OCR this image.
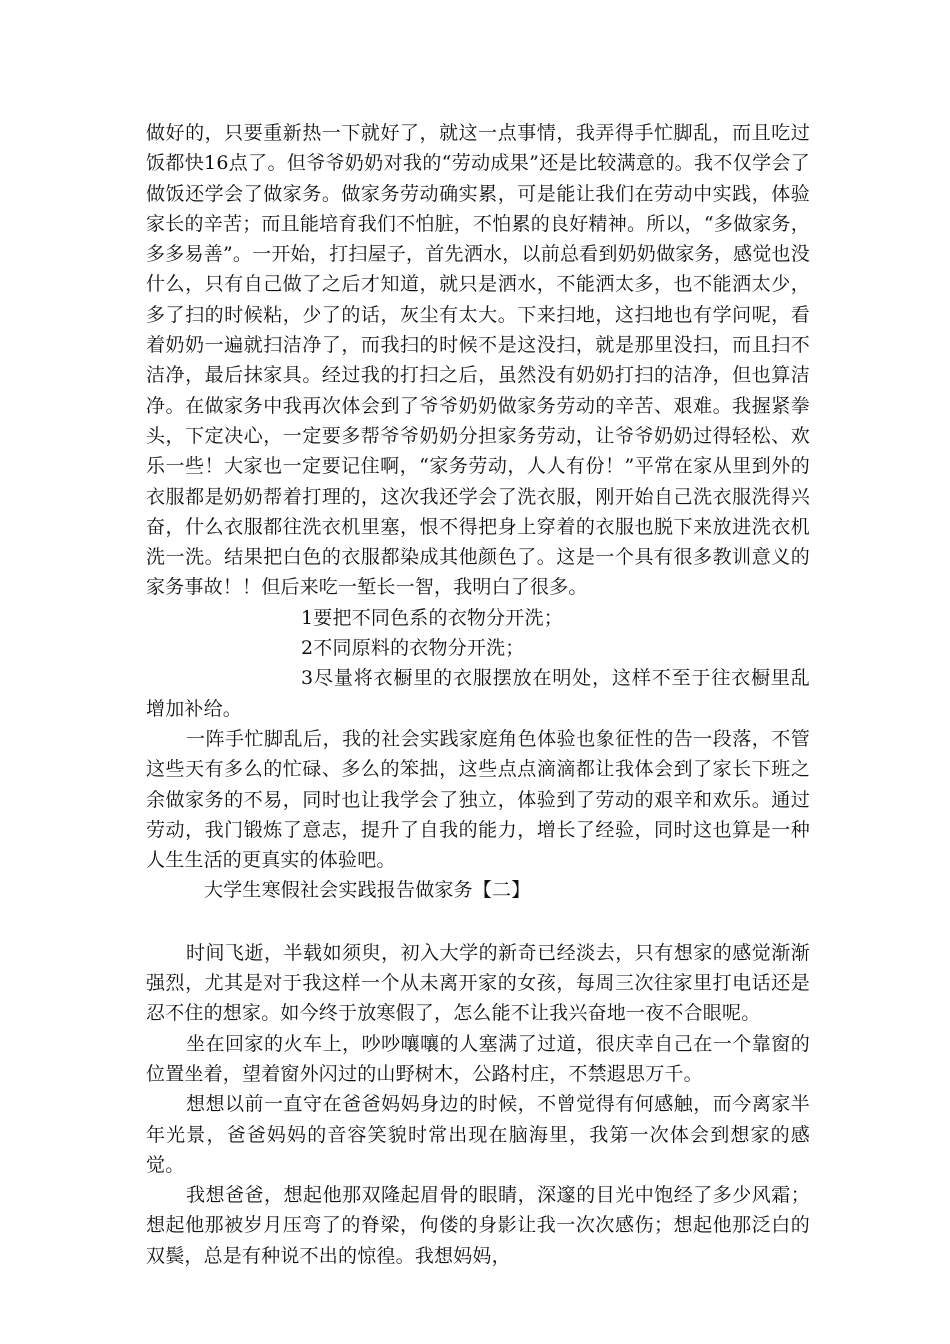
做好的，只要重新热一下就好了，就这一点事情，我弄得手忙脚乱，而且吃过饭都快16点了。但爷爷奶奶对我的“劳动成果”还是比较满意的。我不仅学会了做饭还学会了做家务。做家务劳动确实累，可是能让我们在劳动中实践，体验家长的辛苦；而且能培育我们不怕脏，不怕累的良好精神。所以，“多做家务，多多易善”。一开始，打扫屋子，首先洒水，以前总看到奶奶做家务，感觉也没什么，只有自己做了之后才知道，就只是洒水，不能洒太多，也不能洒太少，多了扫的时候粘，少了的话，灰尘有太大。下来扫地，这扫地也有学问呢，看着奶奶一遍就扫洁净了，而我扫的时候不是这没扫，就是那里没扫，而且扫不洁净，最后抹家具。经过我的打扫之后，虽然没有奶奶打扫的洁净，但也算洁净。在做家务中我再次体会到了爷爷奶奶做家务劳动的辛苦、艰难。我握紧拳头，下定决心，一定要多帮爷爷奶奶分担家务劳动，让爷爷奶奶过得轻松、欢乐一些！大家也一定要记住啊，“家务劳动，人人有份！”平常在家从里到外的衣服都是奶奶帮着打理的，这次我还学会了洗衣服，刚开始自己洗衣服洗得兴奋，什么衣服都往洗衣机里塞，恨不得把身上穿着的衣服也脱下来放进洗衣机洗一洗。结果把白色的衣服都染成其他颜色了。这是一个具有很多教训意义的家务事故！！但后来吃一堑长一智，我明白了很多。

1要把不同色系的衣物分开洗；

2不同原料的衣物分开洗；

3尽量将衣橱里的衣服摆放在明处，这样不至于往衣橱里乱增加补给。

一阵手忙脚乱后，我的社会实践家庭角色体验也象征性的告一段落，不管这些天有多么的忙碌、多么的笨拙，这些点点滴滴都让我体会到了家长下班之余做家务的不易，同时也让我学会了独立，体验到了劳动的艰辛和欢乐。通过劳动，我门锻炼了意志，提升了自我的能力，增长了经验，同时这也算是一种人生生活的更真实的体验吧。

大学生寒假社会实践报告做家务【二】

时间飞逝，半载如须臾，初入大学的新奇已经淡去，只有想家的感觉渐渐强烈，尤其是对于我这样一个从未离开家的女孩，每周三次往家里打电话还是忍不住的想家。如今终于放寒假了，怎么能不让我兴奋地一夜不合眼呢。

坐在回家的火车上，吵吵嚷嚷的人塞满了过道，很庆幸自己在一个靠窗的位置坐着，望着窗外闪过的山野树木，公路村庄，不禁遐思万千。

想想以前一直守在爸爸妈妈身边的时候，不曾觉得有何感触，而今离家半年光景，爸爸妈妈的音容笑貌时常出现在脑海里，我第一次体会到想家的感觉。

我想爸爸，想起他那双隆起眉骨的眼睛，深邃的目光中饱经了多少风霜；想起他那被岁月压弯了的脊梁，佝偻的身影让我一次次感伤；想起他那泛白的双鬓，总是有种说不出的惊徨。我想妈妈，
